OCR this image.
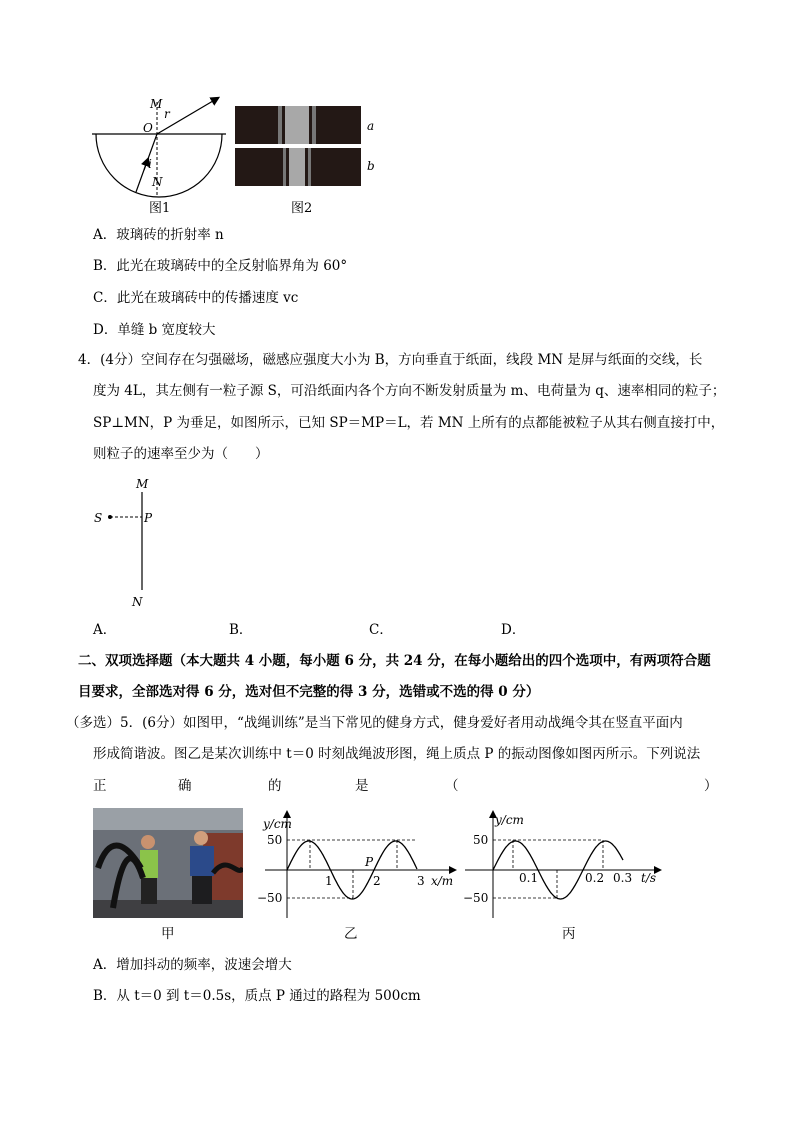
M
O
r
i
N
图1
a
b
图2
A．玻璃砖的折射率 n
B．此光在玻璃砖中的全反射临界角为 60°
C．此光在玻璃砖中的传播速度 vc
D．单缝 b 宽度较大
4．(4分）空间存在匀强磁场，磁感应强度大小为 B，方向垂直于纸面，线段 MN 是屏与纸面的交线，长
度为 4L，其左侧有一粒子源 S，可沿纸面内各个方向不断发射质量为 m、电荷量为 q、速率相同的粒子；
SP⊥MN，P 为垂足，如图所示，已知 SP＝MP＝L，若 MN 上所有的点都能被粒子从其右侧直接打中，
则粒子的速率至少为（　　）
M
S	P
N
A．	B．	C．	D．
二、双项选择题（本大题共 4 小题，每小题 6 分，共 24 分，在每小题给出的四个选项中，有两项符合题
目要求，全部选对得 6 分，选对但不完整的得 3 分，选错或不选的得 0 分）
（多选）5．(6分）如图甲，“战绳训练”是当下常见的健身方式，健身爱好者用动战绳令其在竖直平面内
形成简谐波。图乙是某次训练中 t＝0 时刻战绳波形图，绳上质点 P 的振动图像如图丙所示。下列说法
正	确	的	是	（	）
甲
y/cm
50
−50
1	2	3
P
x/m
乙
y/cm
50
−50
0.1	0.2 0.3 t/s
丙
A．增加抖动的频率，波速会增大
B．从 t＝0 到 t＝0.5s，质点 P 通过的路程为 500cm
